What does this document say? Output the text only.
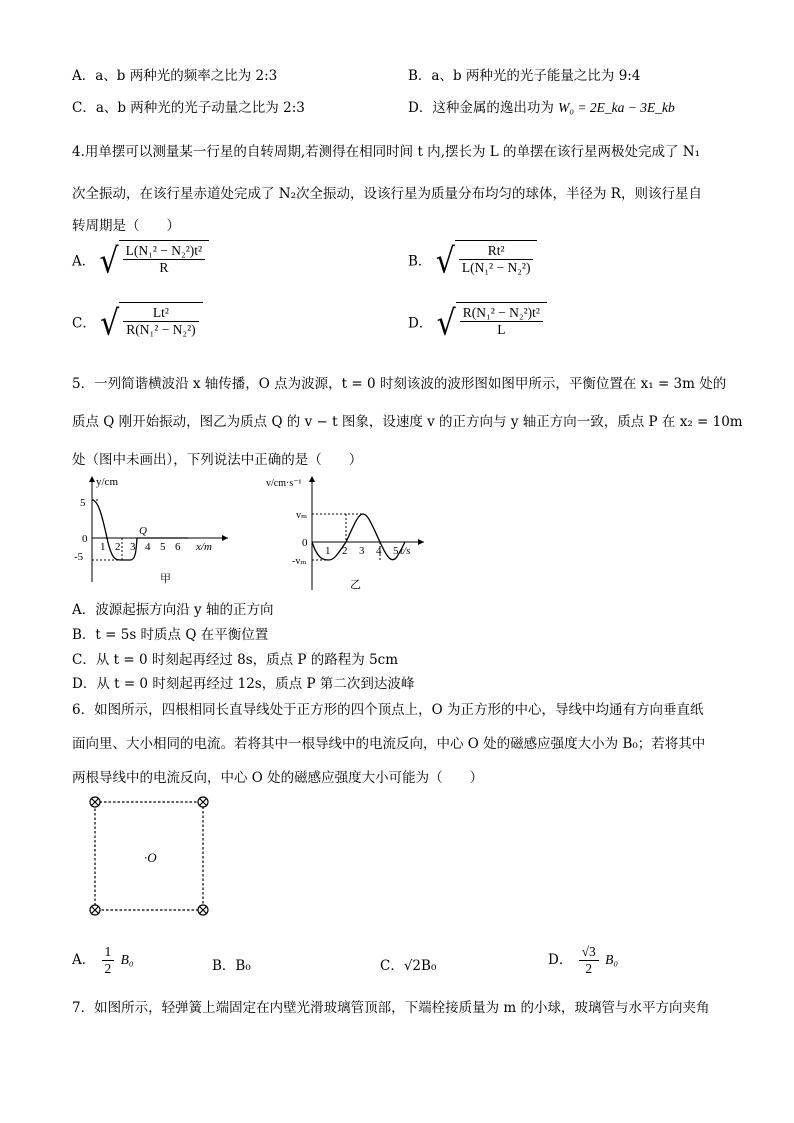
A．a、b 两种光的频率之比为 2:3	B．a、b 两种光的光子能量之比为 9:4
C．a、b 两种光的光子动量之比为 2:3	D．这种金属的逸出功为 W₀ = 2E_ka − 3E_kb
4.用单摆可以测量某一行星的自转周期,若测得在相同时间 t 内,摆长为 L 的单摆在该行星两极处完成了 N₁
次全振动，在该行星赤道处完成了 N₂次全振动，设该行星为质量分布均匀的球体，半径为 R，则该行星自
转周期是（　　）
A． √ $\frac{\text{L(N₁² − N₂²)t²}}{R}$	B． √ $\frac{\text{Rt²}}{\text{L(N₁² − N₂²)}}$
C． √ $\frac{\text{Lt²}}{\text{R(N₁² − N₂²)}}$	D． √ $\frac{\text{R(N₁² − N₂²)t²}}{L}$
5．一列简谐横波沿 x 轴传播，O 点为波源，t = 0 时刻该波的波形图如图甲所示，平衡位置在 x₁ = 3m 处的
质点 Q 刚开始振动，图乙为质点 Q 的 v − t 图象，设速度 v 的正方向与 y 轴正方向一致，质点 P 在 x₂ = 10m
处（图中未画出），下列说法中正确的是（　　）
y/cm
x/m
5
0
-5
1 2 3 4 5 6
Q
甲
v/cm·s⁻¹
t/s
vₘ
0
-vₘ
1 2 3 4 5
乙
A．波源起振方向沿 y 轴的正方向
B．t = 5s 时质点 Q 在平衡位置
C．从 t = 0 时刻起再经过 8s，质点 P 的路程为 5cm
D．从 t = 0 时刻起再经过 12s，质点 P 第二次到达波峰
6．如图所示，四根相同长直导线处于正方形的四个顶点上，O 为正方形的中心，导线中均通有方向垂直纸
面向里、大小相同的电流。若将其中一根导线中的电流反向，中心 O 处的磁感应强度大小为 B₀；若将其中
两根导线中的电流反向，中心 O 处的磁感应强度大小可能为（　　）
·O
A． $\frac{1}{2} B_0$	B．B₀	C．√2B₀	D． $\frac{√3}{2} B_0$
7．如图所示，轻弹簧上端固定在内壁光滑玻璃管顶部，下端栓接质量为 m 的小球，玻璃管与水平方向夹角
